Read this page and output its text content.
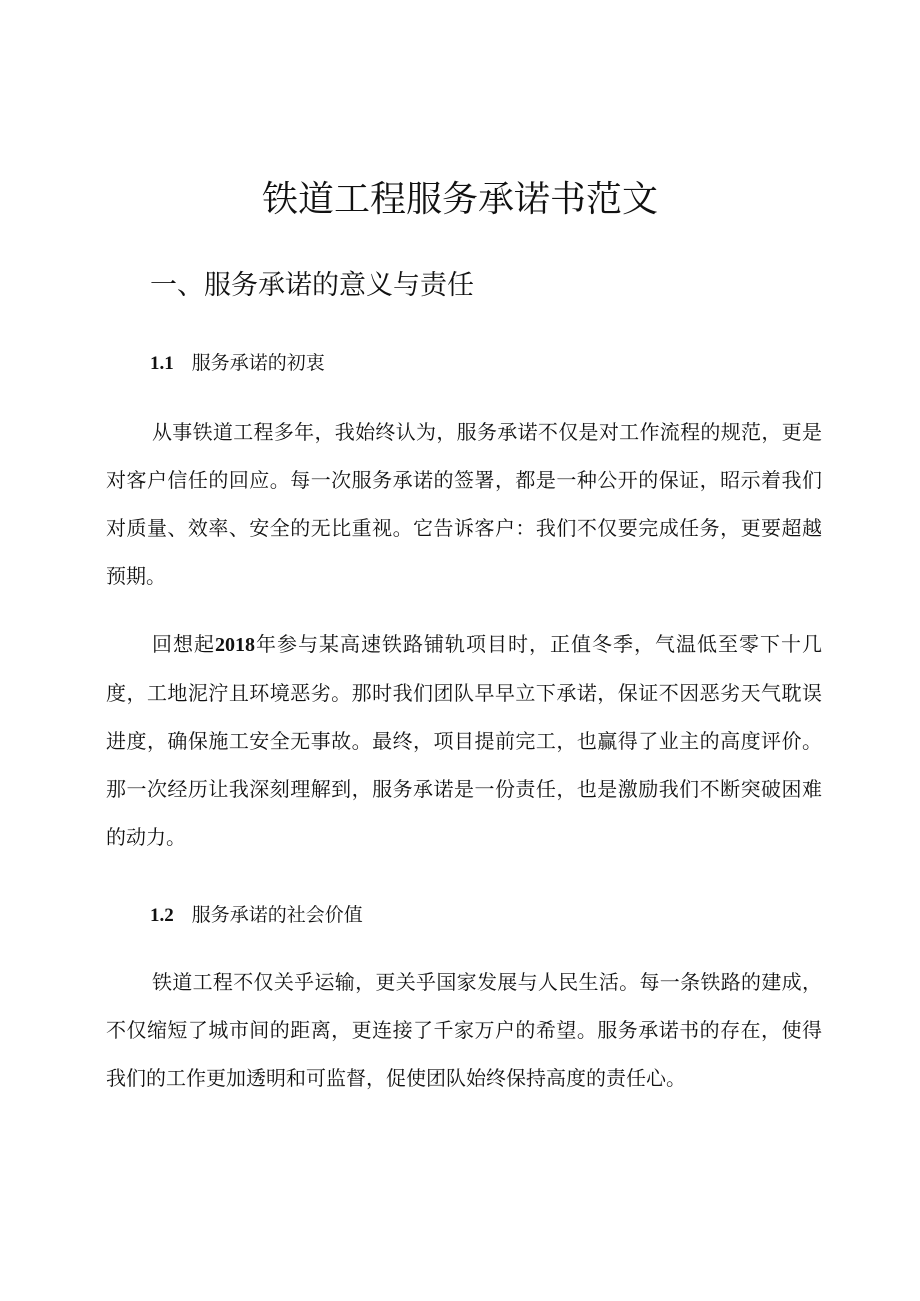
铁道工程服务承诺书范文
一、服务承诺的意义与责任
1.1 服务承诺的初衷

从事铁道工程多年，我始终认为，服务承诺不仅是对工作流程的规范，更是对客户信任的回应。每一次服务承诺的签署，都是一种公开的保证，昭示着我们对质量、效率、安全的无比重视。它告诉客户：我们不仅要完成任务，更要超越预期。

回想起2018年参与某高速铁路铺轨项目时，正值冬季，气温低至零下十几度，工地泥泞且环境恶劣。那时我们团队早早立下承诺，保证不因恶劣天气耽误进度，确保施工安全无事故。最终，项目提前完工，也赢得了业主的高度评价。那一次经历让我深刻理解到，服务承诺是一份责任，也是激励我们不断突破困难的动力。

1.2 服务承诺的社会价值

铁道工程不仅关乎运输，更关乎国家发展与人民生活。每一条铁路的建成，不仅缩短了城市间的距离，更连接了千家万户的希望。服务承诺书的存在，使得我们的工作更加透明和可监督，促使团队始终保持高度的责任心。
